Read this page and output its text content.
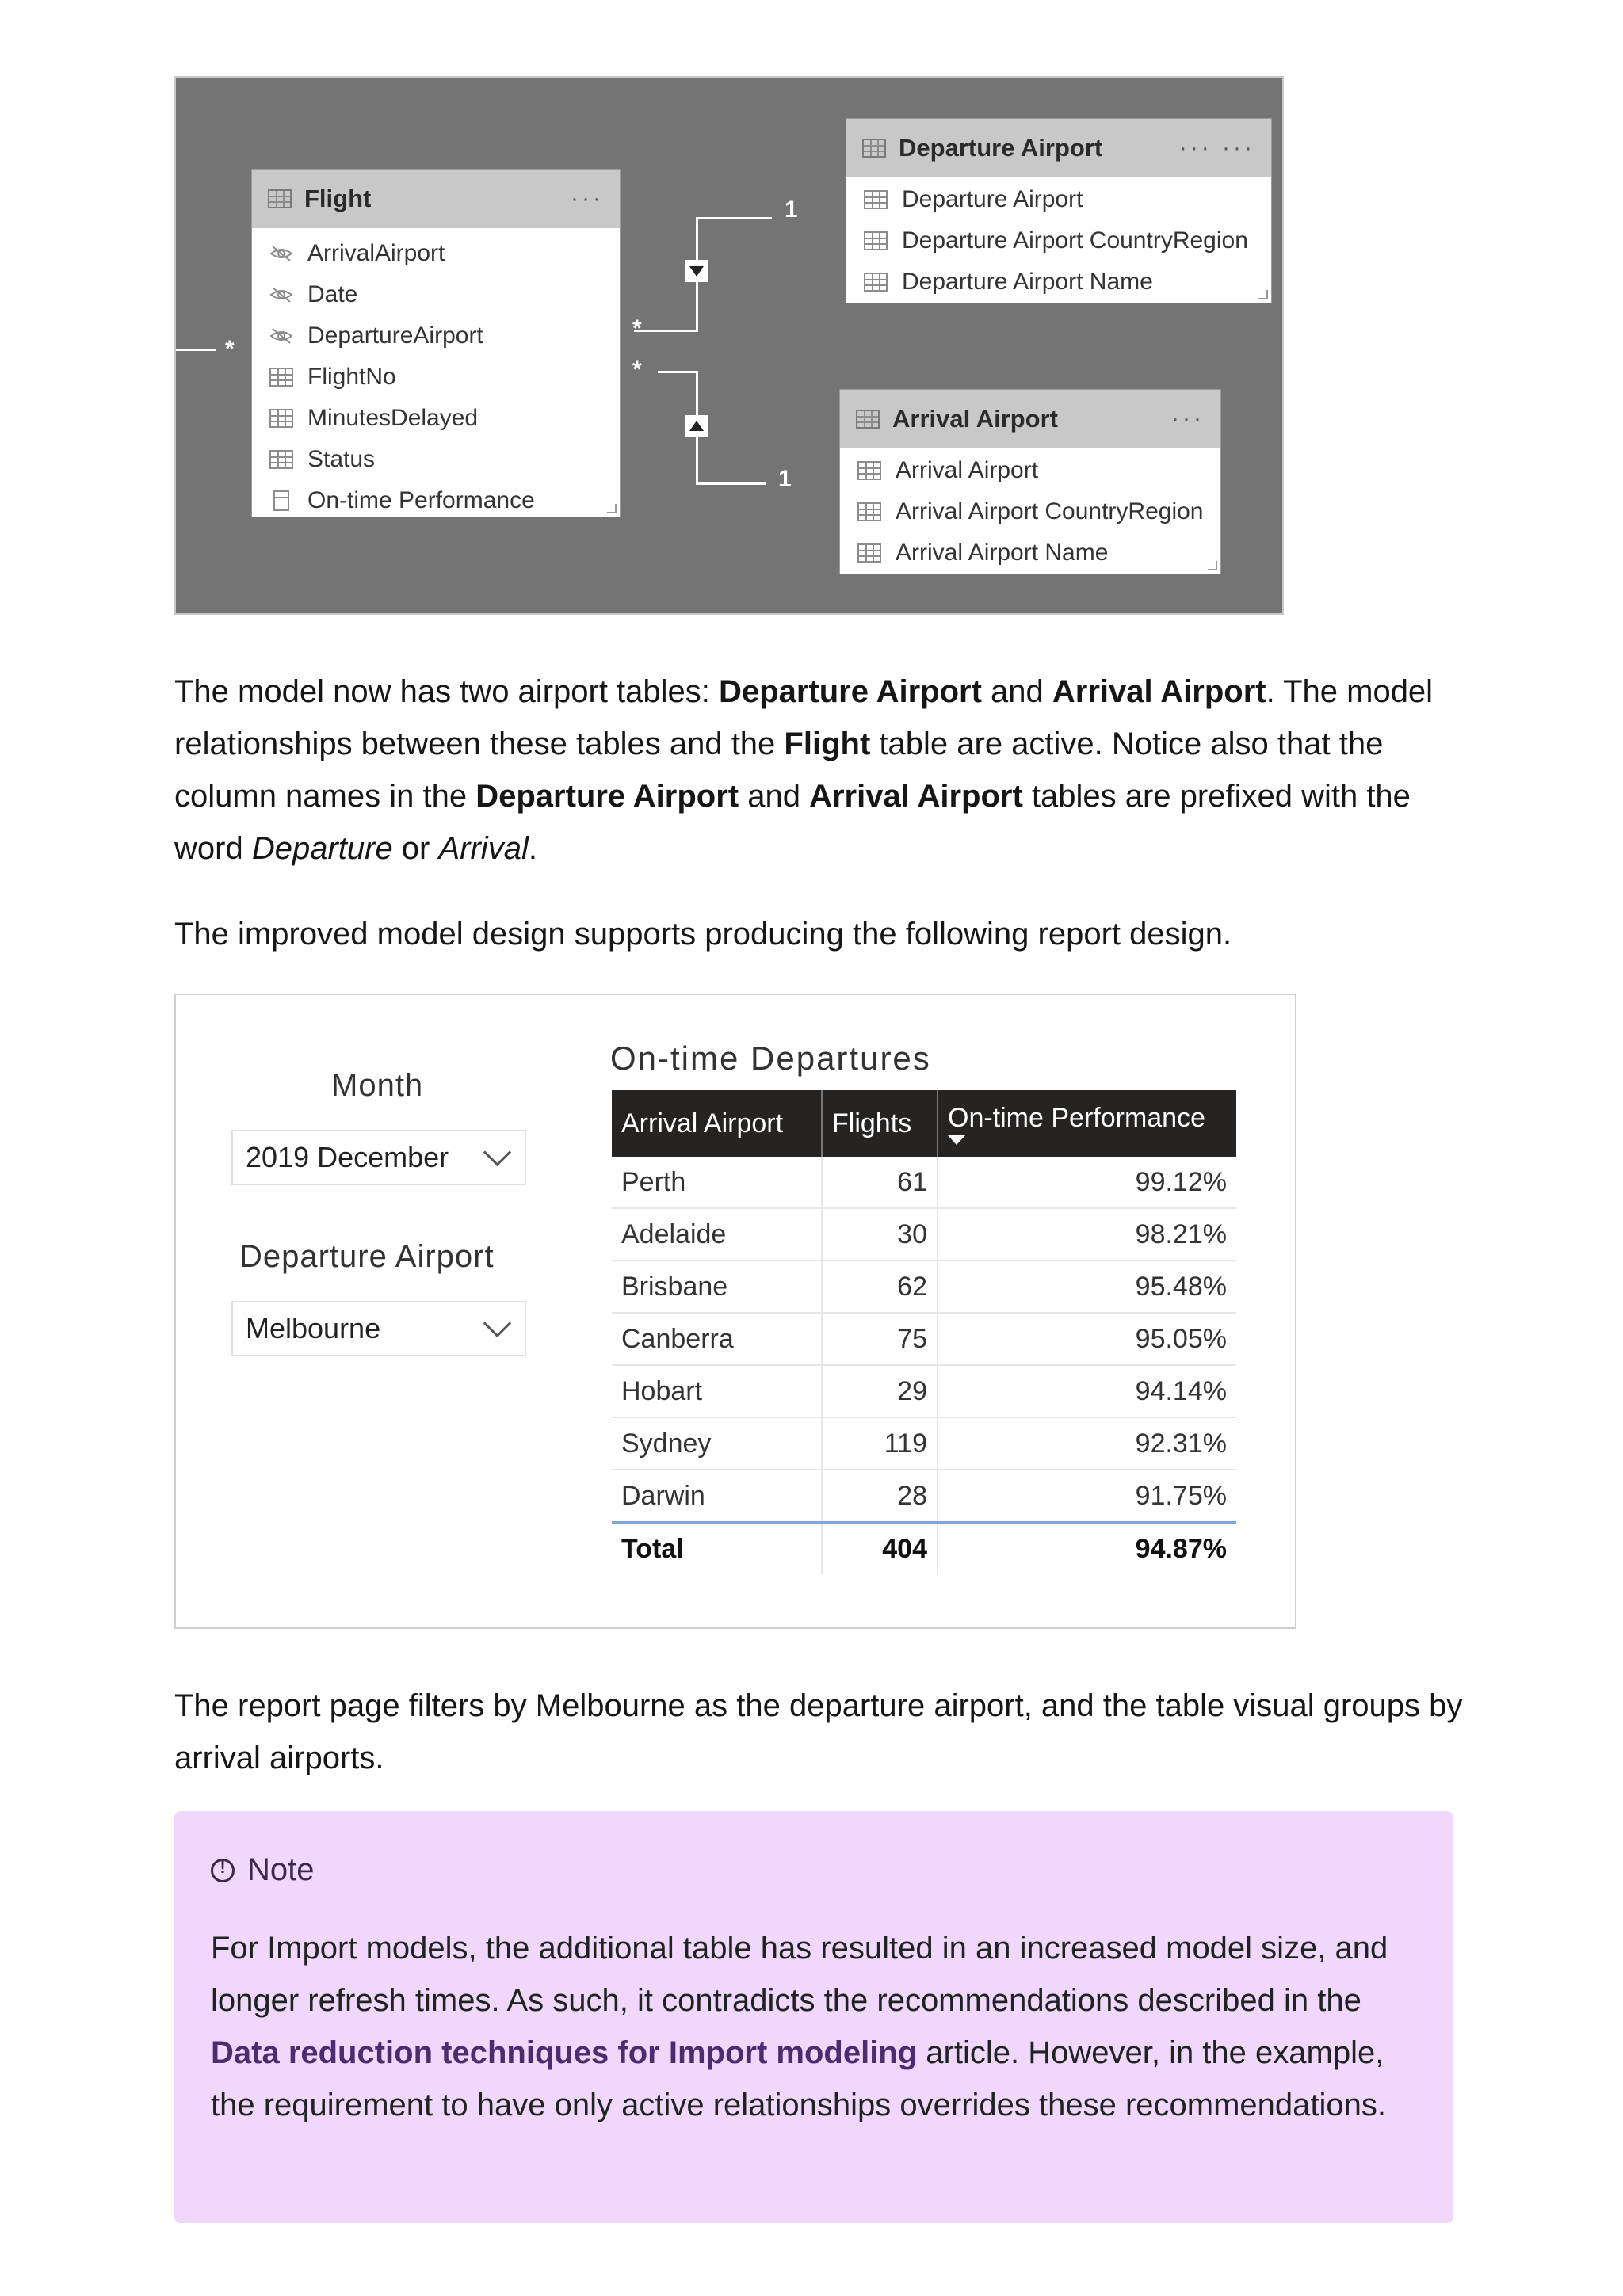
*
1
*
*
1
Flight	···
ArrivalAirport
Date
DepartureAirport
FlightNo
MinutesDelayed
Status
On-time Performance
Departure Airport	··· ···
Departure Airport
Departure Airport CountryRegion
Departure Airport Name
Arrival Airport	···
Arrival Airport
Arrival Airport CountryRegion
Arrival Airport Name
The model now has two airport tables: Departure Airport and Arrival Airport. The model relationships between these tables and the Flight table are active. Notice also that the column names in the Departure Airport and Arrival Airport tables are prefixed with the word Departure or Arrival.
The improved model design supports producing the following report design.
Month
2019 December
Departure Airport
Melbourne
On-time Departures
Arrival Airport	Flights	On-time Performance

Perth	61	99.12%
Adelaide	30	98.21%
Brisbane	62	95.48%
Canberra	75	95.05%
Hobart	29	94.14%
Sydney	119	92.31%
Darwin	28	91.75%
Total	404	94.87%
The report page filters by Melbourne as the departure airport, and the table visual groups by arrival airports.
!
Note
For Import models, the additional table has resulted in an increased model size, and longer refresh times. As such, it contradicts the recommendations described in the Data reduction techniques for Import modeling article. However, in the example, the requirement to have only active relationships overrides these recommendations.
